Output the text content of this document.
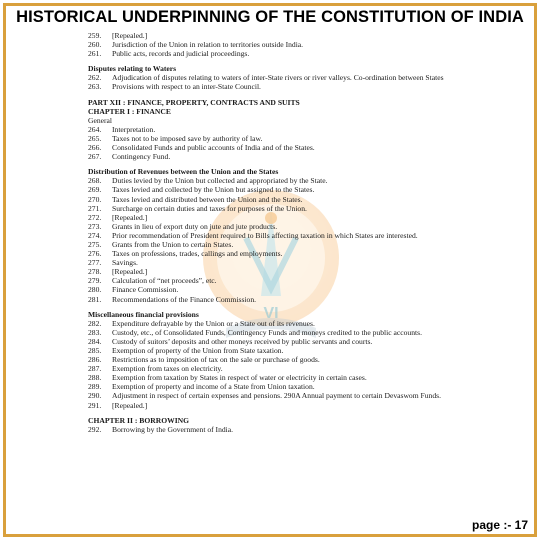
HISTORICAL UNDERPINNING OF THE CONSTITUTION OF INDIA
VI
259.	[Repealed.]
260.	Jurisdiction of the Union in relation to territories outside India.
261.	Public acts, records and judicial proceedings.
Disputes relating to Waters
262.	Adjudication of disputes relating to waters of inter-State rivers or river valleys. Co-ordination between States
263.	Provisions with respect to an inter-State Council.
PART XII : FINANCE, PROPERTY, CONTRACTS AND SUITS
CHAPTER I : FINANCE
General
264.	Interpretation.
265.	Taxes not to be imposed save by authority of law.
266.	Consolidated Funds and public accounts of India and of the States.
267.	Contingency Fund.
Distribution of Revenues between the Union and the States
268.	Duties levied by the Union but collected and appropriated by the State.
269.	Taxes levied and collected by the Union but assigned to the States.
270.	Taxes levied and distributed between the Union and the States.
271.	Surcharge on certain duties and taxes for purposes of the Union.
272.	[Repealed.]
273.	Grants in lieu of export duty on jute and jute products.
274.	Prior recommendation of President required to Bills affecting taxation in which States are interested.
275.	Grants from the Union to certain States.
276.	Taxes on professions, trades, callings and employments.
277.	Savings.
278.	[Repealed.]
279.	Calculation of “net proceeds”, etc.
280.	Finance Commission.
281.	Recommendations of the Finance Commission.
Miscellaneous financial provisions
282.	Expenditure defrayable by the Union or a State out of its revenues.
283.	Custody, etc., of Consolidated Funds, Contingency Funds and moneys credited to the public accounts.
284.	Custody of suitors’ deposits and other moneys received by public servants and courts.
285.	Exemption of property of the Union from State taxation.
286.	Restrictions as to imposition of tax on the sale or purchase of goods.
287.	Exemption from taxes on electricity.
288.	Exemption from taxation by States in respect of water or electricity in certain cases.
289.	Exemption of property and income of a State from Union taxation.
290.	Adjustment in respect of certain expenses and pensions. 290A Annual payment to certain Devaswom Funds.
291.	[Repealed.]
CHAPTER II : BORROWING
292.	Borrowing by the Government of India.
page :- 17
